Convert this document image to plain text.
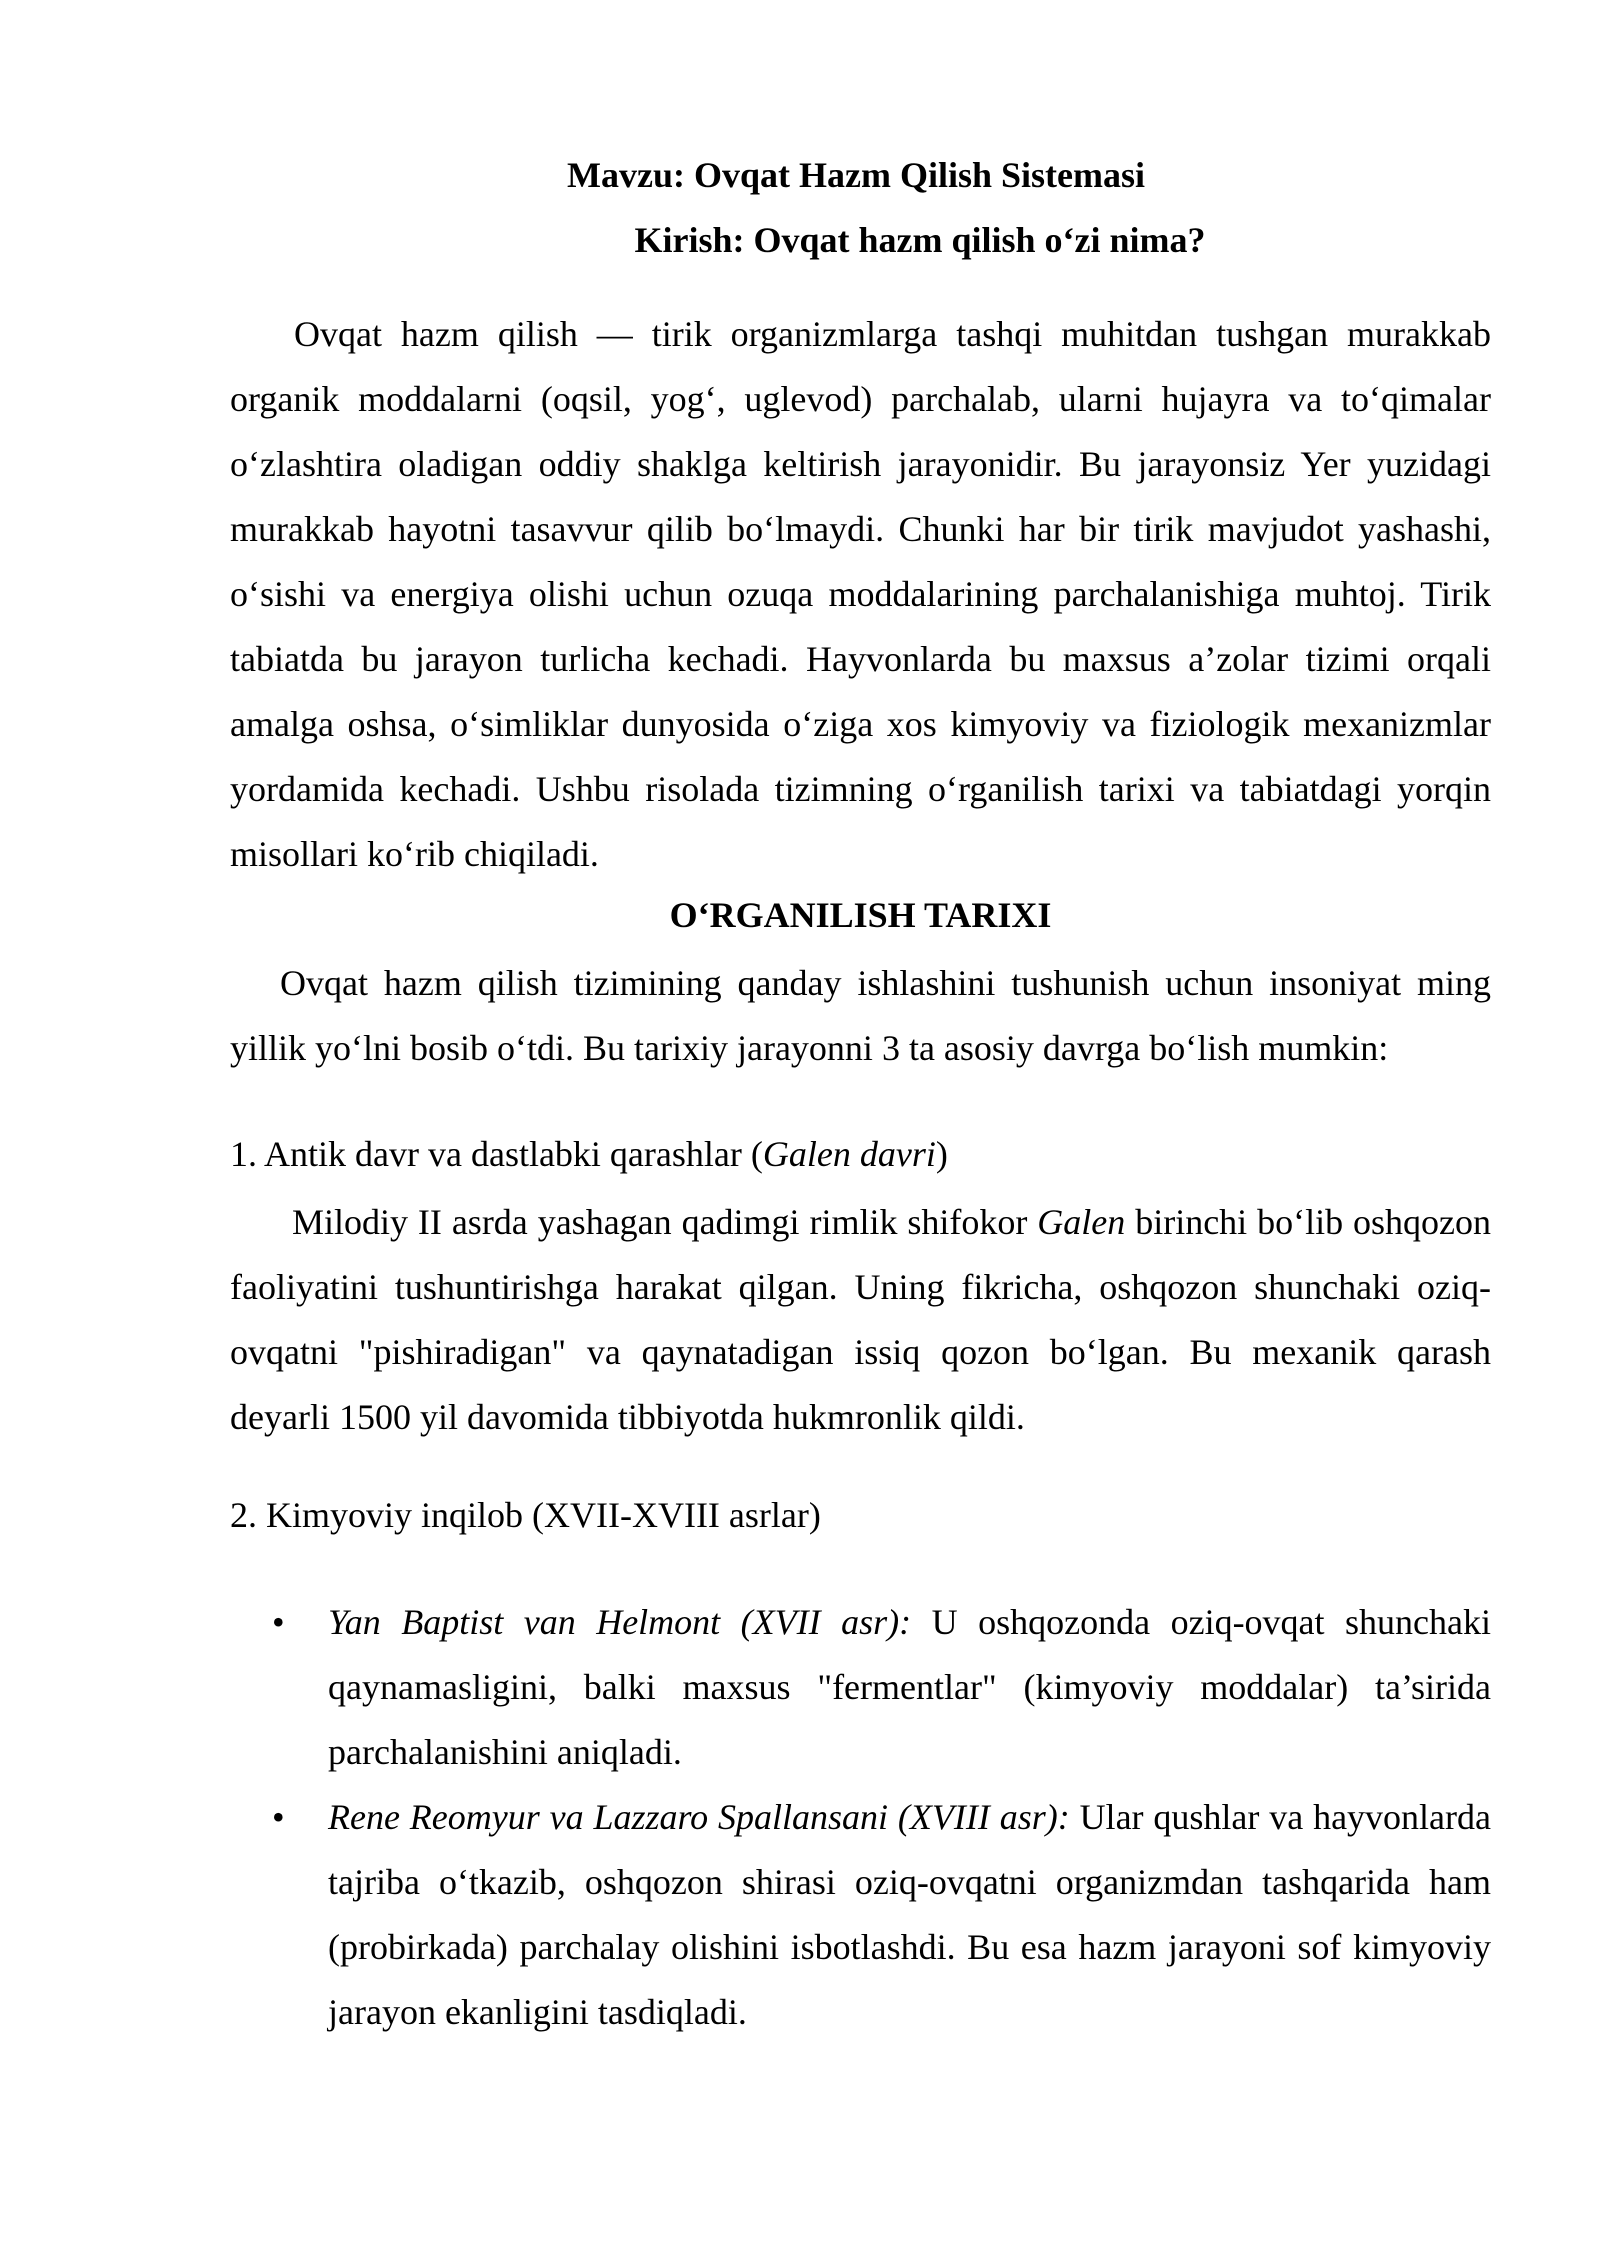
Mavzu: Ovqat Hazm Qilish Sistemasi
Kirish: Ovqat hazm qilish o‘zi nima?
Ovqat hazm qilish — tirik organizmlarga tashqi muhitdan tushgan murakkab organik moddalarni (oqsil, yog‘, uglevod) parchalab, ularni hujayra va to‘qimalar o‘zlashtira oladigan oddiy shaklga keltirish jarayonidir. Bu jarayonsiz Yer yuzidagi murakkab hayotni tasavvur qilib bo‘lmaydi. Chunki har bir tirik mavjudot yashashi, o‘sishi va energiya olishi uchun ozuqa moddalarining parchalanishiga muhtoj. Tirik tabiatda bu jarayon turlicha kechadi. Hayvonlarda bu maxsus a’zolar tizimi orqali amalga oshsa, o‘simliklar dunyosida o‘ziga xos kimyoviy va fiziologik mexanizmlar yordamida kechadi. Ushbu risolada tizimning o‘rganilish tarixi va tabiatdagi yorqin misollari ko‘rib chiqiladi.
O‘RGANILISH TARIXI
Ovqat hazm qilish tizimining qanday ishlashini tushunish uchun insoniyat ming yillik yo‘lni bosib o‘tdi. Bu tarixiy jarayonni 3 ta asosiy davrga bo‘lish mumkin:
1. Antik davr va dastlabki qarashlar (Galen davri)
Milodiy II asrda yashagan qadimgi rimlik shifokor Galen birinchi bo‘lib oshqozon faoliyatini tushuntirishga harakat qilgan. Uning fikricha, oshqozon shunchaki oziq-ovqatni "pishiradigan" va qaynatadigan issiq qozon bo‘lgan. Bu mexanik qarash deyarli 1500 yil davomida tibbiyotda hukmronlik qildi.
2. Kimyoviy inqilob (XVII-XVIII asrlar)
• Yan Baptist van Helmont (XVII asr): U oshqozonda oziq-ovqat shunchaki qaynamasligini, balki maxsus "fermentlar" (kimyoviy moddalar) ta’sirida parchalanishini aniqladi.
• Rene Reomyur va Lazzaro Spallansani (XVIII asr): Ular qushlar va hayvonlarda tajriba o‘tkazib, oshqozon shirasi oziq-ovqatni organizmdan tashqarida ham (probirkada) parchalay olishini isbotlashdi. Bu esa hazm jarayoni sof kimyoviy jarayon ekanligini tasdiqladi.
